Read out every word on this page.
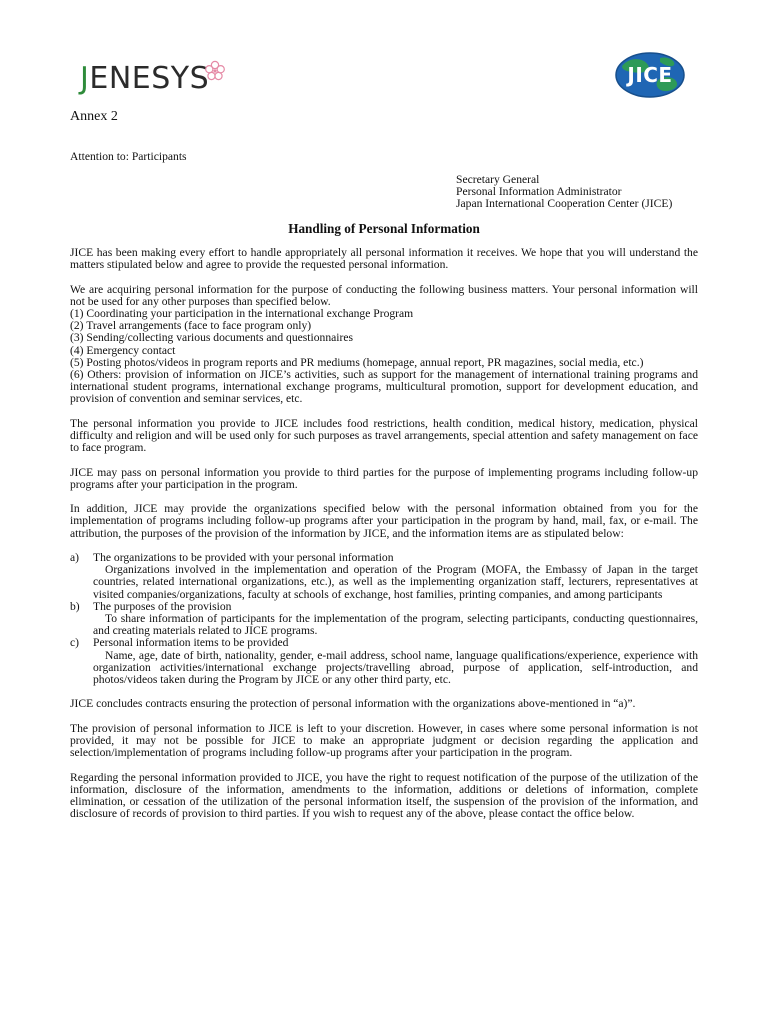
JENESYS	JICE
Annex 2
Attention to: Participants
Secretary General
Personal Information Administrator
Japan International Cooperation Center (JICE)
Handling of Personal Information

JICE has been making every effort to handle appropriately all personal information it receives. We hope that you will understand the matters stipulated below and agree to provide the requested personal information.

We are acquiring personal information for the purpose of conducting the following business matters. Your personal information will not be used for any other purposes than specified below.
(1) Coordinating your participation in the international exchange Program
(2) Travel arrangements (face to face program only)
(3) Sending/collecting various documents and questionnaires
(4) Emergency contact
(5) Posting photos/videos in program reports and PR mediums (homepage, annual report, PR magazines, social media, etc.)
(6) Others: provision of information on JICE’s activities, such as support for the management of international training programs and international student programs, international exchange programs, multicultural promotion, support for development education, and provision of convention and seminar services, etc.

The personal information you provide to JICE includes food restrictions, health condition, medical history, medication, physical difficulty and religion and will be used only for such purposes as travel arrangements, special attention and safety management on face to face program.

JICE may pass on personal information you provide to third parties for the purpose of implementing programs including follow-up programs after your participation in the program.

In addition, JICE may provide the organizations specified below with the personal information obtained from you for the implementation of programs including follow-up programs after your participation in the program by hand, mail, fax, or e-mail. The attribution, the purposes of the provision of the information by JICE, and the information items are as stipulated below:

a) The organizations to be provided with your personal information
Organizations involved in the implementation and operation of the Program (MOFA, the Embassy of Japan in the target countries, related international organizations, etc.), as well as the implementing organization staff, lecturers, representatives at visited companies/organizations, faculty at schools of exchange, host families, printing companies, and among participants
b) The purposes of the provision
To share information of participants for the implementation of the program, selecting participants, conducting questionnaires, and creating materials related to JICE programs.
c) Personal information items to be provided
Name, age, date of birth, nationality, gender, e-mail address, school name, language qualifications/experience, experience with organization activities/international exchange projects/travelling abroad, purpose of application, self-introduction, and photos/videos taken during the Program by JICE or any other third party, etc.

JICE concludes contracts ensuring the protection of personal information with the organizations above-mentioned in “a)”.

The provision of personal information to JICE is left to your discretion. However, in cases where some personal information is not provided, it may not be possible for JICE to make an appropriate judgment or decision regarding the application and selection/implementation of programs including follow-up programs after your participation in the program.

Regarding the personal information provided to JICE, you have the right to request notification of the purpose of the utilization of the information, disclosure of the information, amendments to the information, additions or deletions of information, complete elimination, or cessation of the utilization of the personal information itself, the suspension of the provision of the information, and disclosure of records of provision to third parties. If you wish to request any of the above, please contact the office below.
